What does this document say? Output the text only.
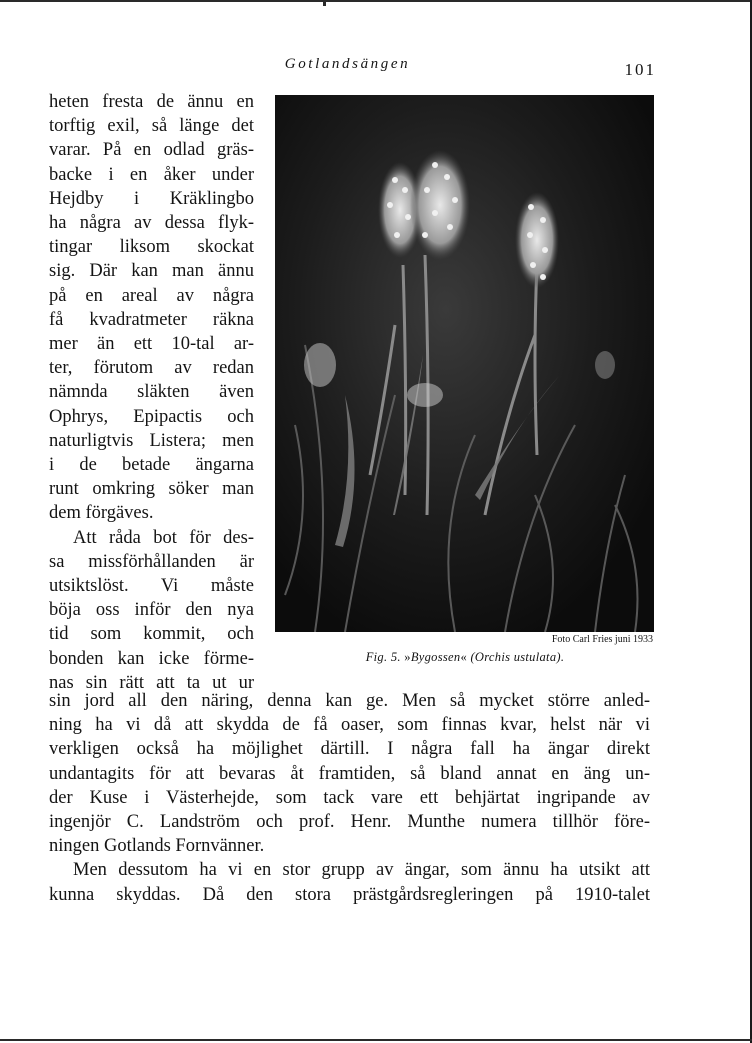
Gotlandsängen	101
heten fresta de ännu en
torftig exil, så länge det
varar. På en odlad gräs-
backe i en åker under
Hejdby i Kräklingbo
ha några av dessa flyk-
tingar liksom skockat
sig. Där kan man ännu
på en areal av några
få kvadratmeter räkna
mer än ett 10-tal ar-
ter, förutom av redan
nämnda släkten även
Ophrys, Epipactis och
naturligtvis Listera; men
i de betade ängarna
runt omkring söker man
dem förgäves.
Att råda bot för des-
sa missförhållanden är
utsiktslöst. Vi måste
böja oss inför den nya
tid som kommit, och
bonden kan icke förme-
nas sin rätt att ta ut ur
Foto Carl Fries juni 1933
Fig. 5. »Bygossen« (Orchis ustulata).
sin jord all den näring, denna kan ge. Men så mycket större anled-
ning ha vi då att skydda de få oaser, som finnas kvar, helst när vi
verkligen också ha möjlighet därtill. I några fall ha ängar direkt
undantagits för att bevaras åt framtiden, så bland annat en äng un-
der Kuse i Västerhejde, som tack vare ett behjärtat ingripande av
ingenjör C. Landström och prof. Henr. Munthe numera tillhör före-
ningen Gotlands Fornvänner.
Men dessutom ha vi en stor grupp av ängar, som ännu ha utsikt att
kunna skyddas. Då den stora prästgårdsregleringen på 1910-talet
